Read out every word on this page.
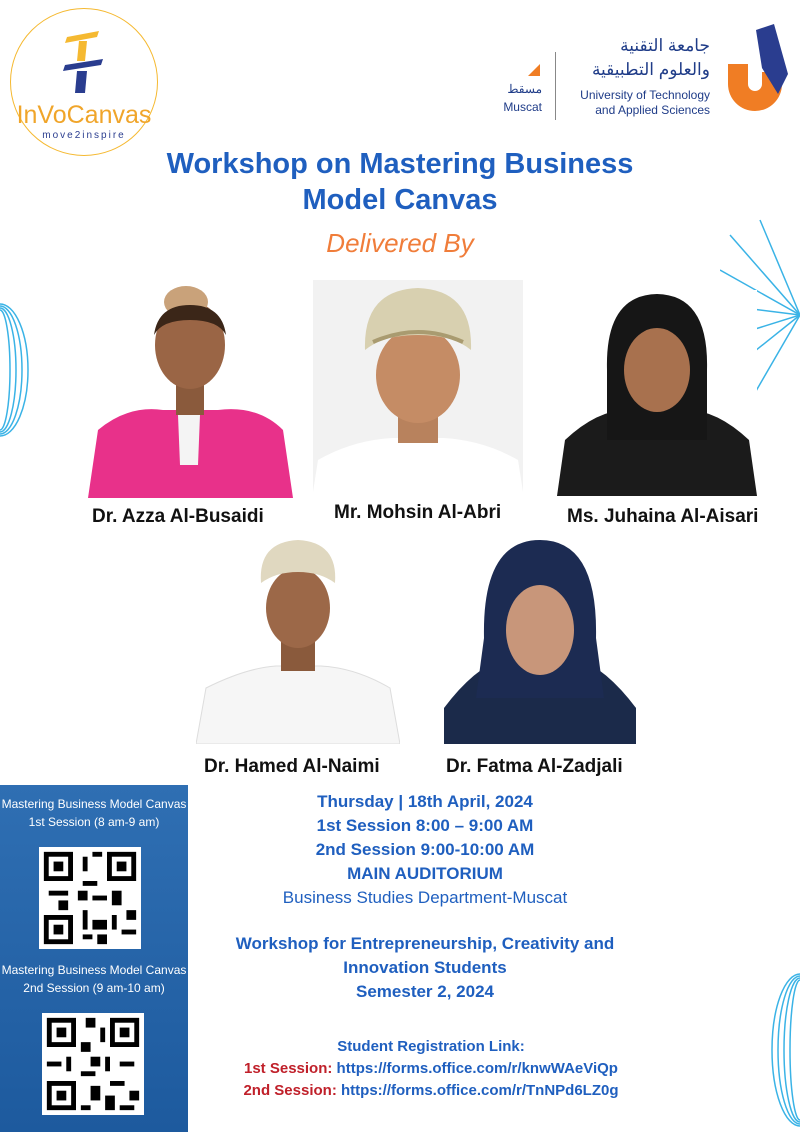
InVoCanvas
move2inspire
مسقط
Muscat
جامعة التقنية
والعلوم التطبيقية
University of Technology
and Applied Sciences
Workshop on Mastering Business
Model Canvas
Delivered By
Dr. Azza Al-Busaidi	Mr. Mohsin Al-Abri	Ms. Juhaina Al-Aisari
Dr. Hamed Al-Naimi	Dr. Fatma Al-Zadjali
Thursday | 18th April, 2024
1st Session 8:00 – 9:00 AM
2nd Session 9:00-10:00 AM
MAIN AUDITORIUM
Business Studies Department-Muscat
Workshop for Entrepreneurship, Creativity and
Innovation Students
Semester 2, 2024
Student Registration Link:
1st Session: https://forms.office.com/r/knwWAeViQp
2nd Session: https://forms.office.com/r/TnNPd6LZ0g
Mastering Business Model Canvas
1st Session (8 am-9 am)
Mastering Business Model Canvas
2nd Session (9 am-10 am)
